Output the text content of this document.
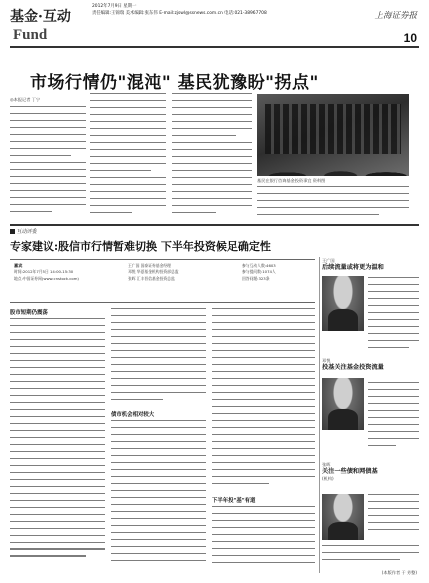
基金·互动
Fund
2012年7月9日 星期一
责任编辑:王锦瑞 美术编辑:张东伟 E-mail:zjswl@ssnews.com.cn 电话:021-38967708	上海证券报
10
市场行情仍"混沌" 基民犹豫盼"拐点"
◎本报记者 丁宁
基民在银行咨询基金投资事宜 资料图
互动评委
专家建议:股信市行情暂难切换 下半年投资候足确定性
嘉宾
时间:2012年7月5日 14:00-15:30
地点:中国证券网(www.cnstock.com)
王广国 国泰证券基金经理
邓悦 华夏基金机构投资部总监
张晖 汇丰晋信基金投资总监
参与互动人数:4603
参与提问数:1074人
回答问题:323条
股市短期仍震荡
债市机会相对较大
下半年投"基"有道
王广国
后续流量或将更为温和
邓悦
投基关注基金投资流量
张晖
关注一些债和网债基
(机构)
(本版作者 于 芳整)
